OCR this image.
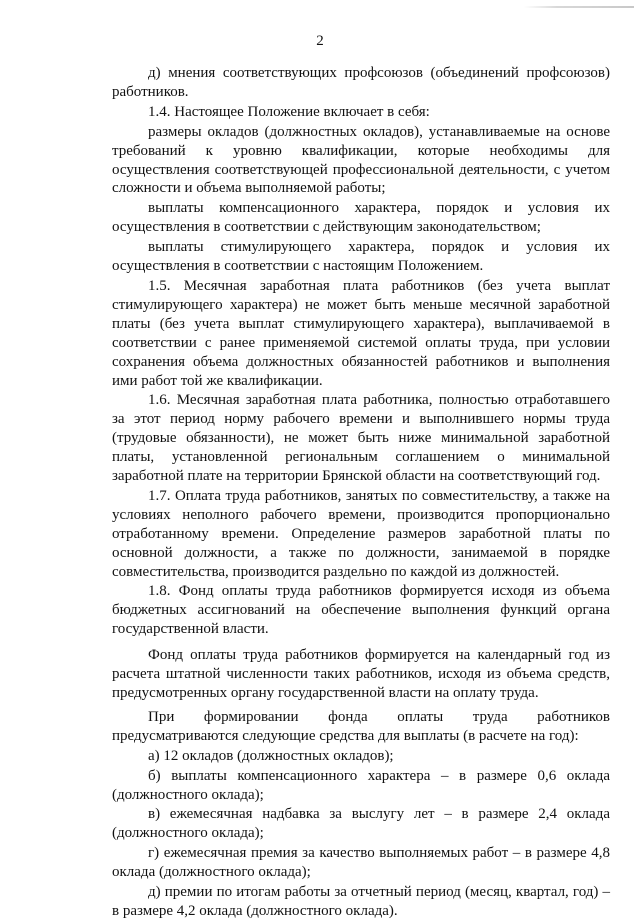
2

д) мнения соответствующих профсоюзов (объединений профсоюзов) работников.

1.4. Настоящее Положение включает в себя:

размеры окладов (должностных окладов), устанавливаемые на основе требований к уровню квалификации, которые необходимы для осуществления соответствующей профессиональной деятельности, с учетом сложности и объема выполняемой работы;

выплаты компенсационного характера, порядок и условия их осуществления в соответствии с действующим законодательством;

выплаты стимулирующего характера, порядок и условия их осуществления в соответствии с настоящим Положением.

1.5. Месячная заработная плата работников (без учета выплат стимулирующего характера) не может быть меньше месячной заработной платы (без учета выплат стимулирующего характера), выплачиваемой в соответствии с ранее применяемой системой оплаты труда, при условии сохранения объема должностных обязанностей работников и выполнения ими работ той же квалификации.

1.6. Месячная заработная плата работника, полностью отработавшего за этот период норму рабочего времени и выполнившего нормы труда (трудовые обязанности), не может быть ниже минимальной заработной платы, установленной региональным соглашением о минимальной заработной плате на территории Брянской области на соответствующий год.

1.7. Оплата труда работников, занятых по совместительству, а также на условиях неполного рабочего времени, производится пропорционально отработанному времени. Определение размеров заработной платы по основной должности, а также по должности, занимаемой в порядке совместительства, производится раздельно по каждой из должностей.

1.8. Фонд оплаты труда работников формируется исходя из объема бюджетных ассигнований на обеспечение выполнения функций органа государственной власти.

Фонд оплаты труда работников формируется на календарный год из расчета штатной численности таких работников, исходя из объема средств, предусмотренных органу государственной власти на оплату труда.

При формировании фонда оплаты труда работников предусматриваются следующие средства для выплаты (в расчете на год):

а) 12 окладов (должностных окладов);

б) выплаты компенсационного характера – в размере 0,6 оклада (должностного оклада);

в) ежемесячная надбавка за выслугу лет – в размере 2,4 оклада (должностного оклада);

г) ежемесячная премия за качество выполняемых работ – в размере 4,8 оклада (должностного оклада);

д) премии по итогам работы за отчетный период (месяц, квартал, год) – в размере 4,2 оклада (должностного оклада).
